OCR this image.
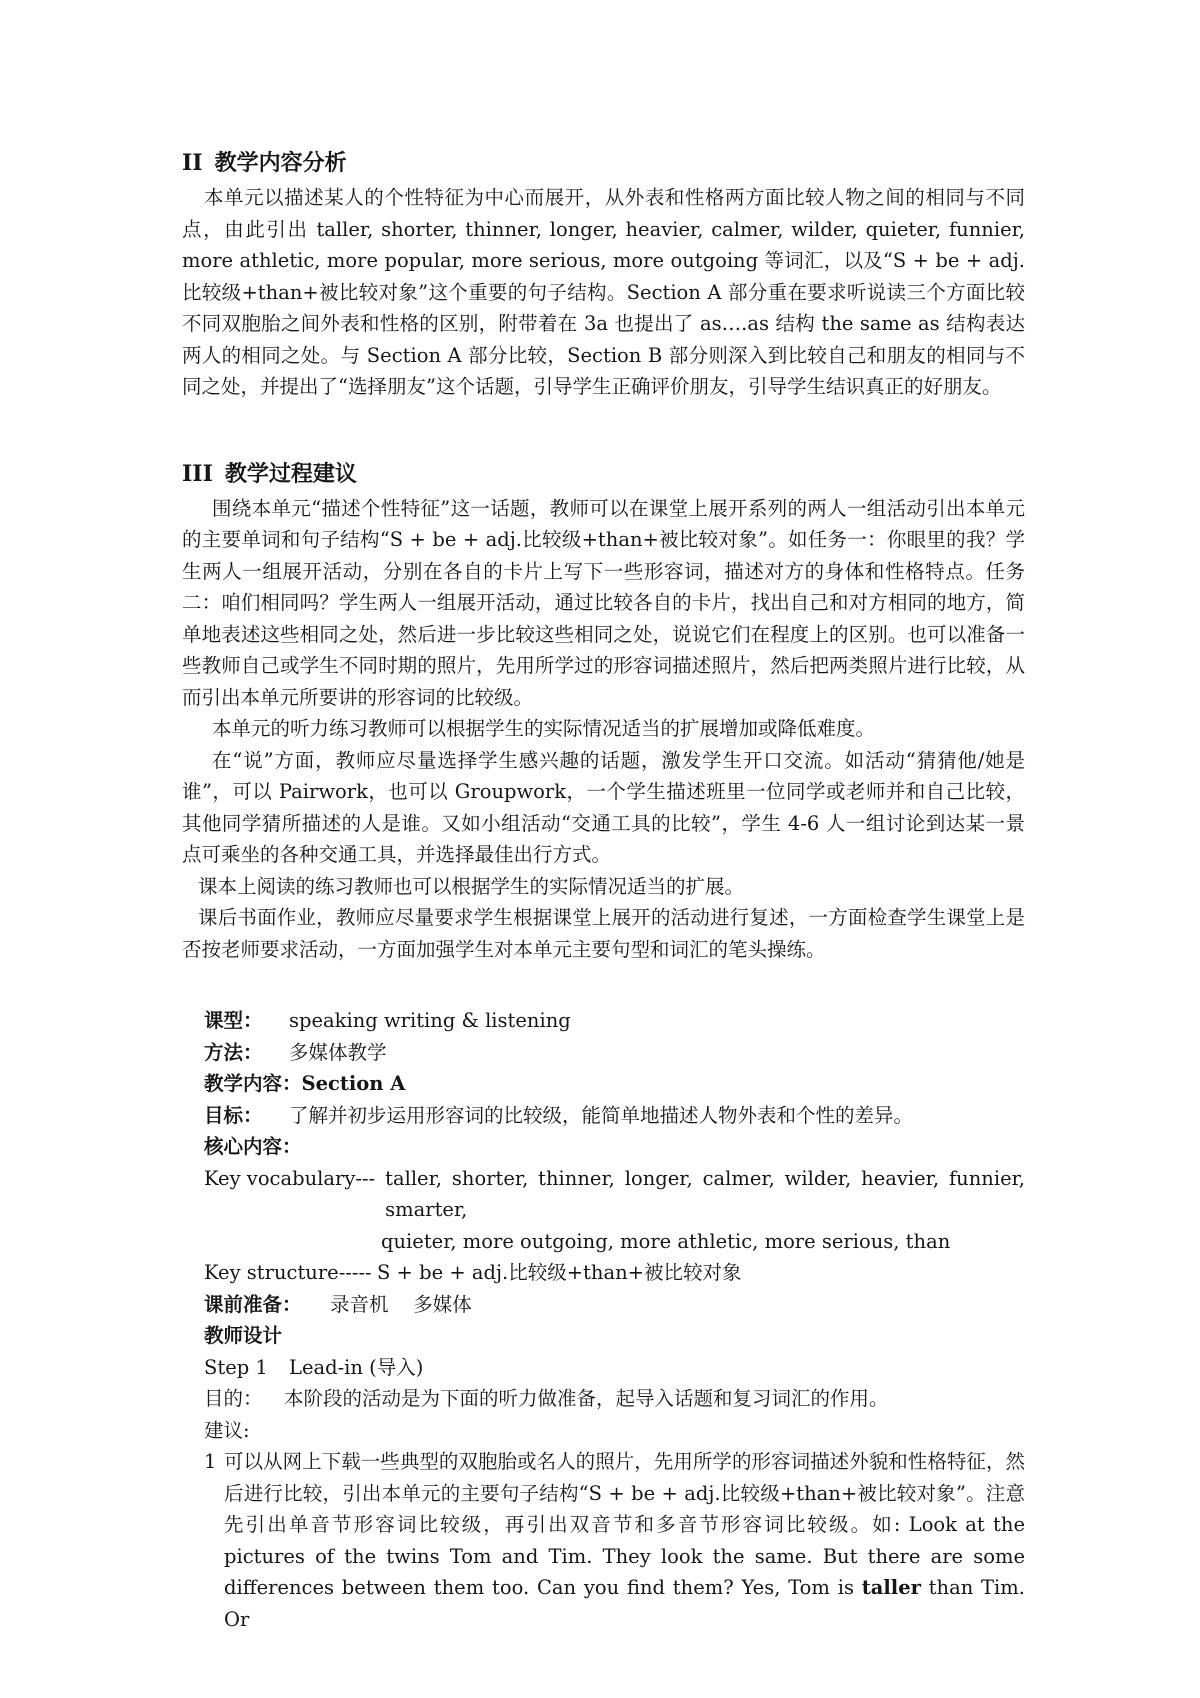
II 教学内容分析

本单元以描述某人的个性特征为中心而展开，从外表和性格两方面比较人物之间的相同与不同点，由此引出 taller, shorter, thinner, longer, heavier, calmer, wilder, quieter, funnier, more athletic, more popular, more serious, more outgoing 等词汇，以及“S + be + adj.比较级+than+被比较对象”这个重要的句子结构。Section A 部分重在要求听说读三个方面比较不同双胞胎之间外表和性格的区别，附带着在 3a 也提出了 as….as 结构 the same as 结构表达两人的相同之处。与 Section A 部分比较，Section B 部分则深入到比较自己和朋友的相同与不同之处，并提出了“选择朋友”这个话题，引导学生正确评价朋友，引导学生结识真正的好朋友。

III 教学过程建议

围绕本单元“描述个性特征”这一话题，教师可以在课堂上展开系列的两人一组活动引出本单元的主要单词和句子结构“S + be + adj.比较级+than+被比较对象”。如任务一：你眼里的我？学生两人一组展开活动，分别在各自的卡片上写下一些形容词，描述对方的身体和性格特点。任务二：咱们相同吗？学生两人一组展开活动，通过比较各自的卡片，找出自己和对方相同的地方，简单地表述这些相同之处，然后进一步比较这些相同之处，说说它们在程度上的区别。也可以准备一些教师自己或学生不同时期的照片，先用所学过的形容词描述照片，然后把两类照片进行比较，从而引出本单元所要讲的形容词的比较级。

本单元的听力练习教师可以根据学生的实际情况适当的扩展增加或降低难度。

在“说”方面，教师应尽量选择学生感兴趣的话题，激发学生开口交流。如活动“猜猜他/她是谁”，可以 Pairwork，也可以 Groupwork，一个学生描述班里一位同学或老师并和自己比较，其他同学猜所描述的人是谁。又如小组活动“交通工具的比较”，学生 4-6 人一组讨论到达某一景点可乘坐的各种交通工具，并选择最佳出行方式。

课本上阅读的练习教师也可以根据学生的实际情况适当的扩展。

课后书面作业，教师应尽量要求学生根据课堂上展开的活动进行复述，一方面检查学生课堂上是否按老师要求活动，一方面加强学生对本单元主要句型和词汇的笔头操练。

课型：	speaking writing & listening
方法：	多媒体教学
教学内容： Section A
目标：	了解并初步运用形容词的比较级，能简单地描述人物外表和个性的差异。
核心内容：
Key vocabulary--- taller, shorter, thinner, longer, calmer, wilder, heavier, funnier, smarter,
quieter, more outgoing, more athletic, more serious, than
Key structure----- S + be + adj.比较级+than+被比较对象
课前准备：	录音机    多媒体
教师设计
Step 1	Lead-in (导入)
目的：	本阶段的活动是为下面的听力做准备，起导入话题和复习词汇的作用。
建议:
1 可以从网上下载一些典型的双胞胎或名人的照片，先用所学的形容词描述外貌和性格特征，然后进行比较，引出本单元的主要句子结构“S + be + adj.比较级+than+被比较对象”。注意先引出单音节形容词比较级，再引出双音节和多音节形容词比较级。如: Look at the pictures of the twins Tom and Tim. They look the same. But there are some differences between them too. Can you find them? Yes, Tom is taller than Tim. Or
